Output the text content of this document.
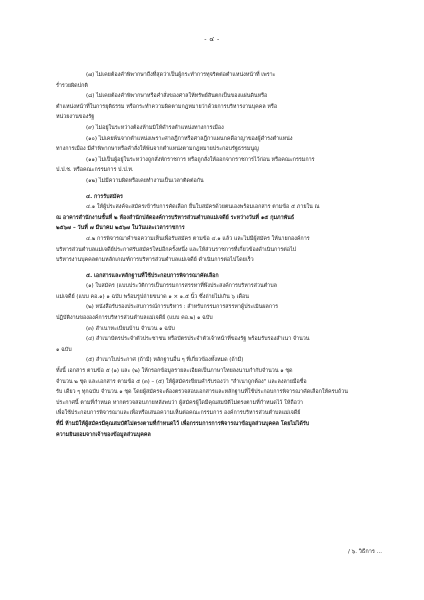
- ๔ -
(๗) ไม่เคยต้องคำพิพากษาถึงที่สุดว่าเป็นผู้กระทำการทุจริตต่อตำแหน่งหน้าที่ เพราะ
ร่ำรวยผิดปกติ
(๘) ไม่เคยต้องคำพิพากษาหรือคำสั่งของศาลให้ทรัพย์สินตกเป็นของแผ่นดินหรือ
ตำแหน่งหน้าที่ในการยุติธรรม หรือกระทำความผิดตามกฎหมายว่าด้วยการบริหารงานบุคคล หรือ
หน่วยงานของรัฐ
(๙) ไม่อยู่ในระหว่างต้องห้ามมิให้ดำรงตำแหน่งทางการเมือง
(๑๐) ไม่เคยพ้นจากตำแหน่งเพราะศาลฎีกาหรือศาลฎีกาแผนกคดีอาญาของผู้ดำรงตำแหน่ง
ทางการเมือง มีคำพิพากษาหรือคำสั่งให้พ้นจากตำแหน่งตามกฎหมายประกอบรัฐธรรมนูญ
(๑๑) ไม่เป็นผู้อยู่ในระหว่างถูกสั่งพักราชการ หรือถูกสั่งให้ออกจากราชการไว้ก่อน หรือคณะกรรมการ
ป.ป.ช. หรือคณะกรรมการ ป.ป.ท.
(๑๒) ไม่มีความผิดหรือเคยทำงานเป็นเวลาติดต่อกัน
๔. การรับสมัคร
๔.๑ ให้ผู้ประสงค์จะสมัครเข้ารับการคัดเลือก ยื่นใบสมัครด้วยตนเองพร้อมเอกสาร ตามข้อ ๕ ภายใน ณ
ณ อาคารสำนักงานชั้นที่ ๒ ห้องสำนักปลัดองค์การบริหารส่วนตำบลแม่เจดีย์ ระหว่างวันที่ ๑๕ กุมภาพันธ์
๒๕๖๗ – วันที่ ๗ มีนาคม ๒๕๖๗ ในวันและเวลาราชการ
๔.๒ การพิจารณาคำขอความเห็นเพื่อรับสมัคร ตามข้อ ๔.๑ แล้ว และไม่มีผู้สมัคร ให้นายกองค์การ
บริหารส่วนตำบลแม่เจดีย์ประกาศรับสมัครใหม่อีกครั้งหนึ่ง และให้ส่วนราชการที่เกี่ยวข้องดำเนินการต่อไป
บริหารงานบุคคลตามหลักเกณฑ์การบริหารส่วนตำบลแม่เจดีย์ ดำเนินการต่อไปโดยเร็ว
๕. เอกสารและหลักฐานที่ใช้ประกอบการพิจารณาคัดเลือก
(๑) ใบสมัคร (แบบประวัติการเป็นกรรมการสรรหาที่พึงประสงค์การบริหารส่วนตำบล
แม่เจดีย์ (แบบ คอ.๑) ๑ ฉบับ พร้อมรูปถ่ายขนาด ๑ × ๑.๕ นิ้ว ซึ่งถ่ายไม่เกิน ๖ เดือน
(๒) หนังสือรับรองประสบการณ์การบริหาร : สำหรับกรรมการสรรหาผู้ประเมินผลการ
ปฏิบัติงานขององค์การบริหารส่วนตำบลแม่เจดีย์ (แบบ คอ.๒) ๑ ฉบับ
(๓) สำเนาทะเบียนบ้าน จำนวน ๑ ฉบับ
(๔) สำเนาบัตรประจำตัวประชาชน หรือบัตรประจำตัวเจ้าหน้าที่ของรัฐ พร้อมรับรองสำเนา จำนวน
๑ ฉบับ
(๕) สำเนาใบประกาศ (ถ้ามี) หลักฐานอื่น ๆ ที่เกี่ยวข้องทั้งหมด (ถ้ามี)
ทั้งนี้ เอกสาร ตามข้อ ๕ (๑) และ (๒) ให้กรอกข้อมูลรายละเอียดเป็นภาษาไทยลงนามกำกับจำนวน ๑ ชุด
จำนวน ๒ ชุด และเอกสาร ตามข้อ ๕ (๓) – (๕) ให้ผู้สมัครเขียนคำรับรองว่า "สำเนาถูกต้อง" และลงลายมือชื่อ
รับ เดียว ๆ ทุกฉบับ จำนวน ๑ ชุด โดยผู้สมัครจะต้องตรวจสอบเอกสารและหลักฐานที่ใช้ประกอบการพิจารณาคัดเลือกให้ครบถ้วน
ประกาศนี้ ตามที่กำหนด หากตรวจสอบภายหลังพบว่า ผู้สมัครผู้ใดมีคุณสมบัติไม่ตรงตามที่กำหนดไว้ ให้ถือว่า
เพื่อใช้ประกอบการพิจารณาและเพื่อหรือเสนอความเห็นต่อคณะกรรมการ องค์การบริหารส่วนตำบลแม่เจดีย์
ที่นี่ ห้ามมิให้ผู้สมัครมีคุณสมบัติไม่ตรงตามที่กำหนดไว้ เพื่อกรรมการการพิจารณาข้อมูลส่วนบุคคล โดยไม่ได้รับ
ความยินยอมจากเจ้าของข้อมูลส่วนบุคคล
/ ๖. วิธีการ ...
